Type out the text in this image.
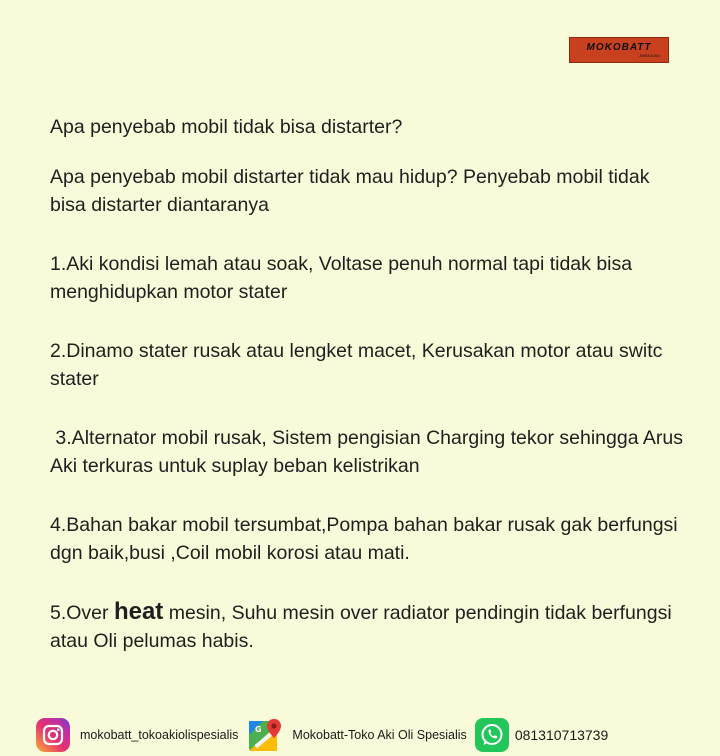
MOKOBATT
ANEKA AKI

Apa penyebab mobil tidak bisa distarter?

Apa penyebab mobil distarter tidak mau hidup? Penyebab mobil tidak bisa distarter diantaranya

1.Aki kondisi lemah atau soak, Voltase penuh normal tapi tidak bisa menghidupkan motor stater

2.Dinamo stater rusak atau lengket macet, Kerusakan motor atau switc stater

3.Alternator mobil rusak, Sistem pengisian Charging tekor sehingga Arus Aki terkuras untuk suplay beban kelistrikan

4.Bahan bakar mobil tersumbat,Pompa bahan bakar rusak gak berfungsi dgn baik,busi ,Coil mobil korosi atau mati.

5.Over heat mesin, Suhu mesin over radiator pendingin tidak berfungsi atau Oli pelumas habis.

mokobatt_tokoakiolispesialis G Mokobatt-Toko Aki Oli Spesialis	081310713739
